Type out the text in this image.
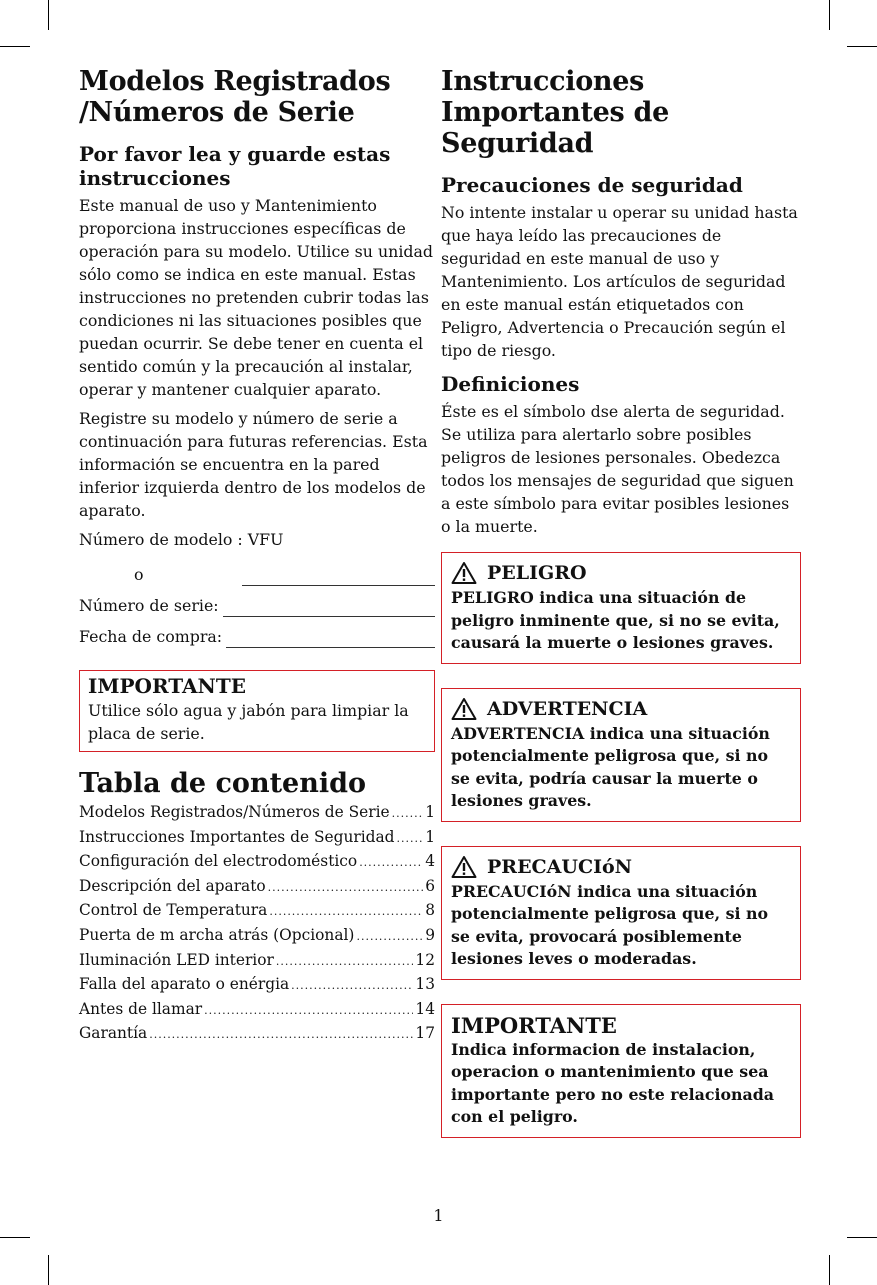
Modelos Registrados /Números de Serie
Por favor lea y guarde estas instrucciones

Este manual de uso y Mantenimiento proporciona instrucciones específicas de operación para su modelo. Utilice su unidad sólo como se indica en este manual. Estas instrucciones no pretenden cubrir todas las condiciones ni las situaciones posibles que puedan ocurrir. Se debe tener en cuenta el sentido común y la precaución al instalar, operar y mantener cualquier aparato.

Registre su modelo y número de serie a continuación para futuras referencias. Esta información se encuentra en la pared inferior izquierda dentro de los modelos de aparato.

Número de modelo : VFU
o
Número de serie:
Fecha de compra:
IMPORTANTE
Utilice sólo agua y jabón para limpiar la placa de serie.
Tabla de contenido
Modelos Registrados/Números de Serie ..... 1
Instrucciones Importantes de Seguridad ..... 1
Configuración del electrodoméstico .....	4
Descripción del aparato .....	6
Control de Temperatura .....	8
Puerta de m archa atrás (Opcional) .....	9
Iluminación LED interior .....	12
Falla del aparato o enérgia .....	13
Antes de llamar .....	14
Garantía .....	17
Instrucciones Importantes de Seguridad
Precauciones de seguridad

No intente instalar u operar su unidad hasta que haya leído las precauciones de seguridad en este manual de uso y Mantenimiento. Los artículos de seguridad en este manual están etiquetados con Peligro, Advertencia o Precaución según el tipo de riesgo.

Definiciones

Éste es el símbolo dse alerta de seguridad. Se utiliza para alertarlo sobre posibles peligros de lesiones personales. Obedezca todos los mensajes de seguridad que siguen a este símbolo para evitar posibles lesiones o la muerte.

PELIGRO
PELIGRO indica una situación de peligro inminente que, si no se evita, causará la muerte o lesiones graves.
ADVERTENCIA
ADVERTENCIA indica una situación potencialmente peligrosa que, si no se evita, podría causar la muerte o lesiones graves.
PRECAUCIóN
PRECAUCIóN indica una situación potencialmente peligrosa que, si no se evita, provocará posiblemente lesiones leves o moderadas.
IMPORTANTE
Indica informacion de instalacion, operacion o mantenimiento que sea importante pero no este relacionada con el peligro.
1
